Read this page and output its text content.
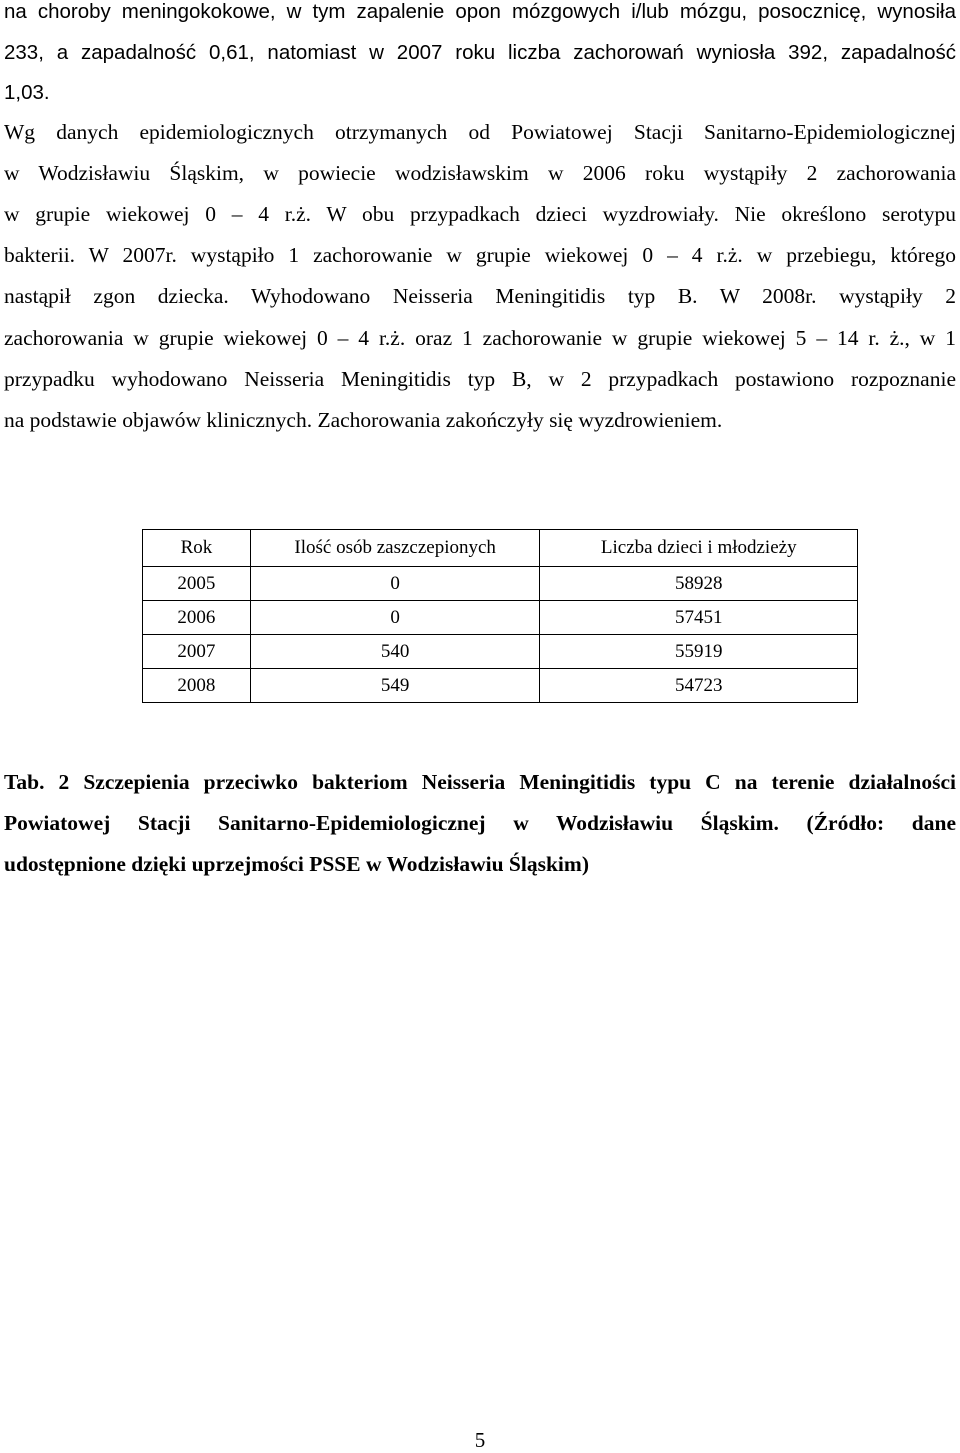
na choroby meningokokowe, w tym zapalenie opon mózgowych i/lub mózgu, posocznicę, wynosiła
233, a zapadalność 0,61, natomiast w 2007 roku liczba zachorowań wyniosła 392, zapadalność
1,03.
Wg danych epidemiologicznych otrzymanych od Powiatowej Stacji Sanitarno-Epidemiologicznej
w Wodzisławiu Śląskim, w powiecie wodzisławskim w 2006 roku wystąpiły 2 zachorowania
w grupie wiekowej 0 – 4 r.ż. W obu przypadkach dzieci wyzdrowiały. Nie określono serotypu
bakterii. W 2007r. wystąpiło 1 zachorowanie w grupie wiekowej 0 – 4 r.ż. w przebiegu, którego
nastąpił zgon dziecka. Wyhodowano Neisseria Meningitidis typ B. W 2008r. wystąpiły 2
zachorowania w grupie wiekowej 0 – 4 r.ż. oraz 1 zachorowanie w grupie wiekowej 5 – 14 r. ż., w 1
przypadku wyhodowano Neisseria Meningitidis typ B, w 2 przypadkach postawiono rozpoznanie
na podstawie objawów klinicznych. Zachorowania zakończyły się wyzdrowieniem.
Rok	Ilość osób zaszczepionych	Liczba dzieci i młodzieży
2005	0	58928
2006	0	57451
2007	540	55919
2008	549	54723
Tab. 2 Szczepienia przeciwko bakteriom Neisseria Meningitidis typu C na terenie działalności
Powiatowej Stacji Sanitarno-Epidemiologicznej w Wodzisławiu Śląskim. (Źródło: dane
udostępnione dzięki uprzejmości PSSE w Wodzisławiu Śląskim)
5
